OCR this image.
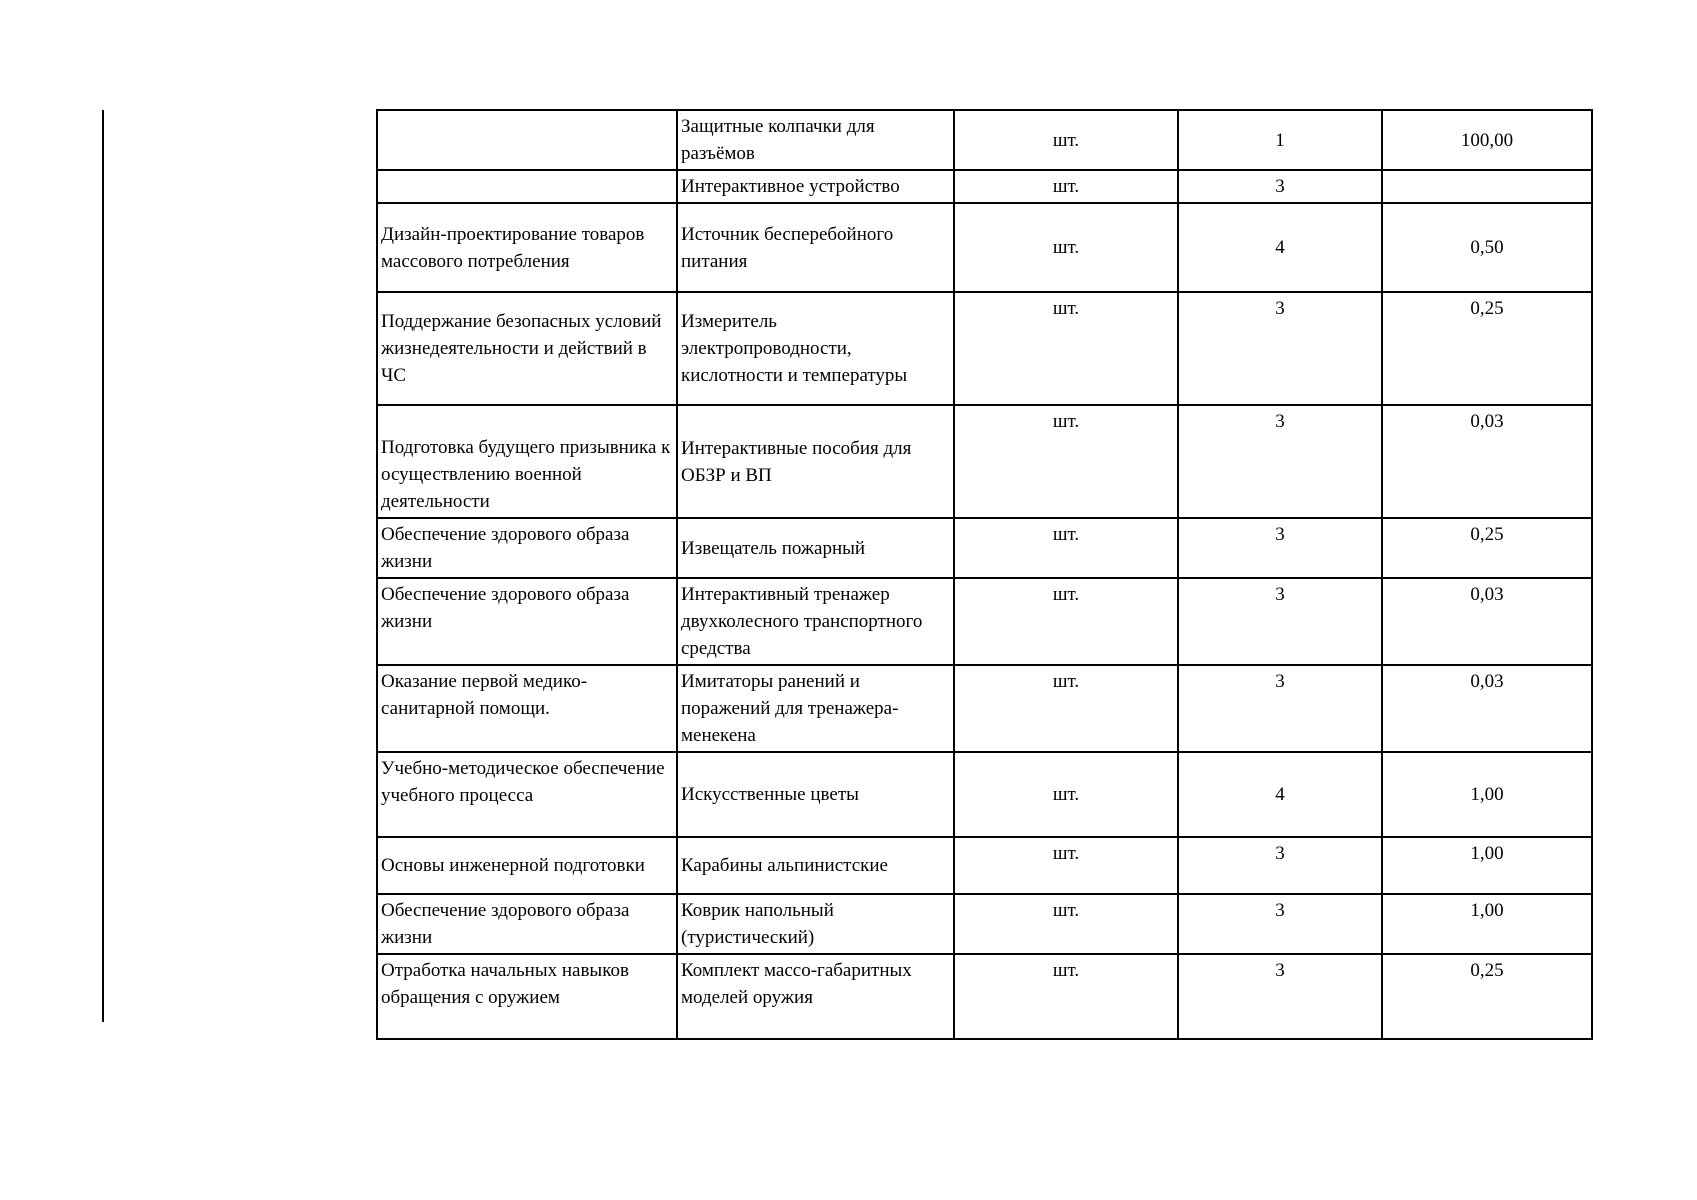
	Защитные колпачки для разъёмов	шт.	1	100,00
	Интерактивное устройство	шт.	3	
Дизайн-проектирование товаров массового потребления	Источник бесперебойного питания	шт.	4	0,50
Поддержание безопасных условий жизнедеятельности и действий в ЧС	Измеритель электропроводности, кислотности и температуры	шт.	3	0,25
Подготовка будущего призывника к осуществлению военной деятельности	Интерактивные пособия для ОБЗР и ВП	шт.	3	0,03
Обеспечение здорового образа жизни	Извещатель пожарный	шт.	3	0,25
Обеспечение здорового образа жизни	Интерактивный тренажер двухколесного транспортного средства	шт.	3	0,03
Оказание первой медико-санитарной помощи.	Имитаторы ранений и поражений для тренажера-менекена	шт.	3	0,03
Учебно-методическое обеспечение учебного процесса	Искусственные цветы	шт.	4	1,00
Основы инженерной подготовки	Карабины альпинистские	шт.	3	1,00
Обеспечение здорового образа жизни	Коврик напольный (туристический)	шт.	3	1,00
Отработка начальных навыков обращения с оружием	Комплект массо-габаритных моделей оружия	шт.	3	0,25
